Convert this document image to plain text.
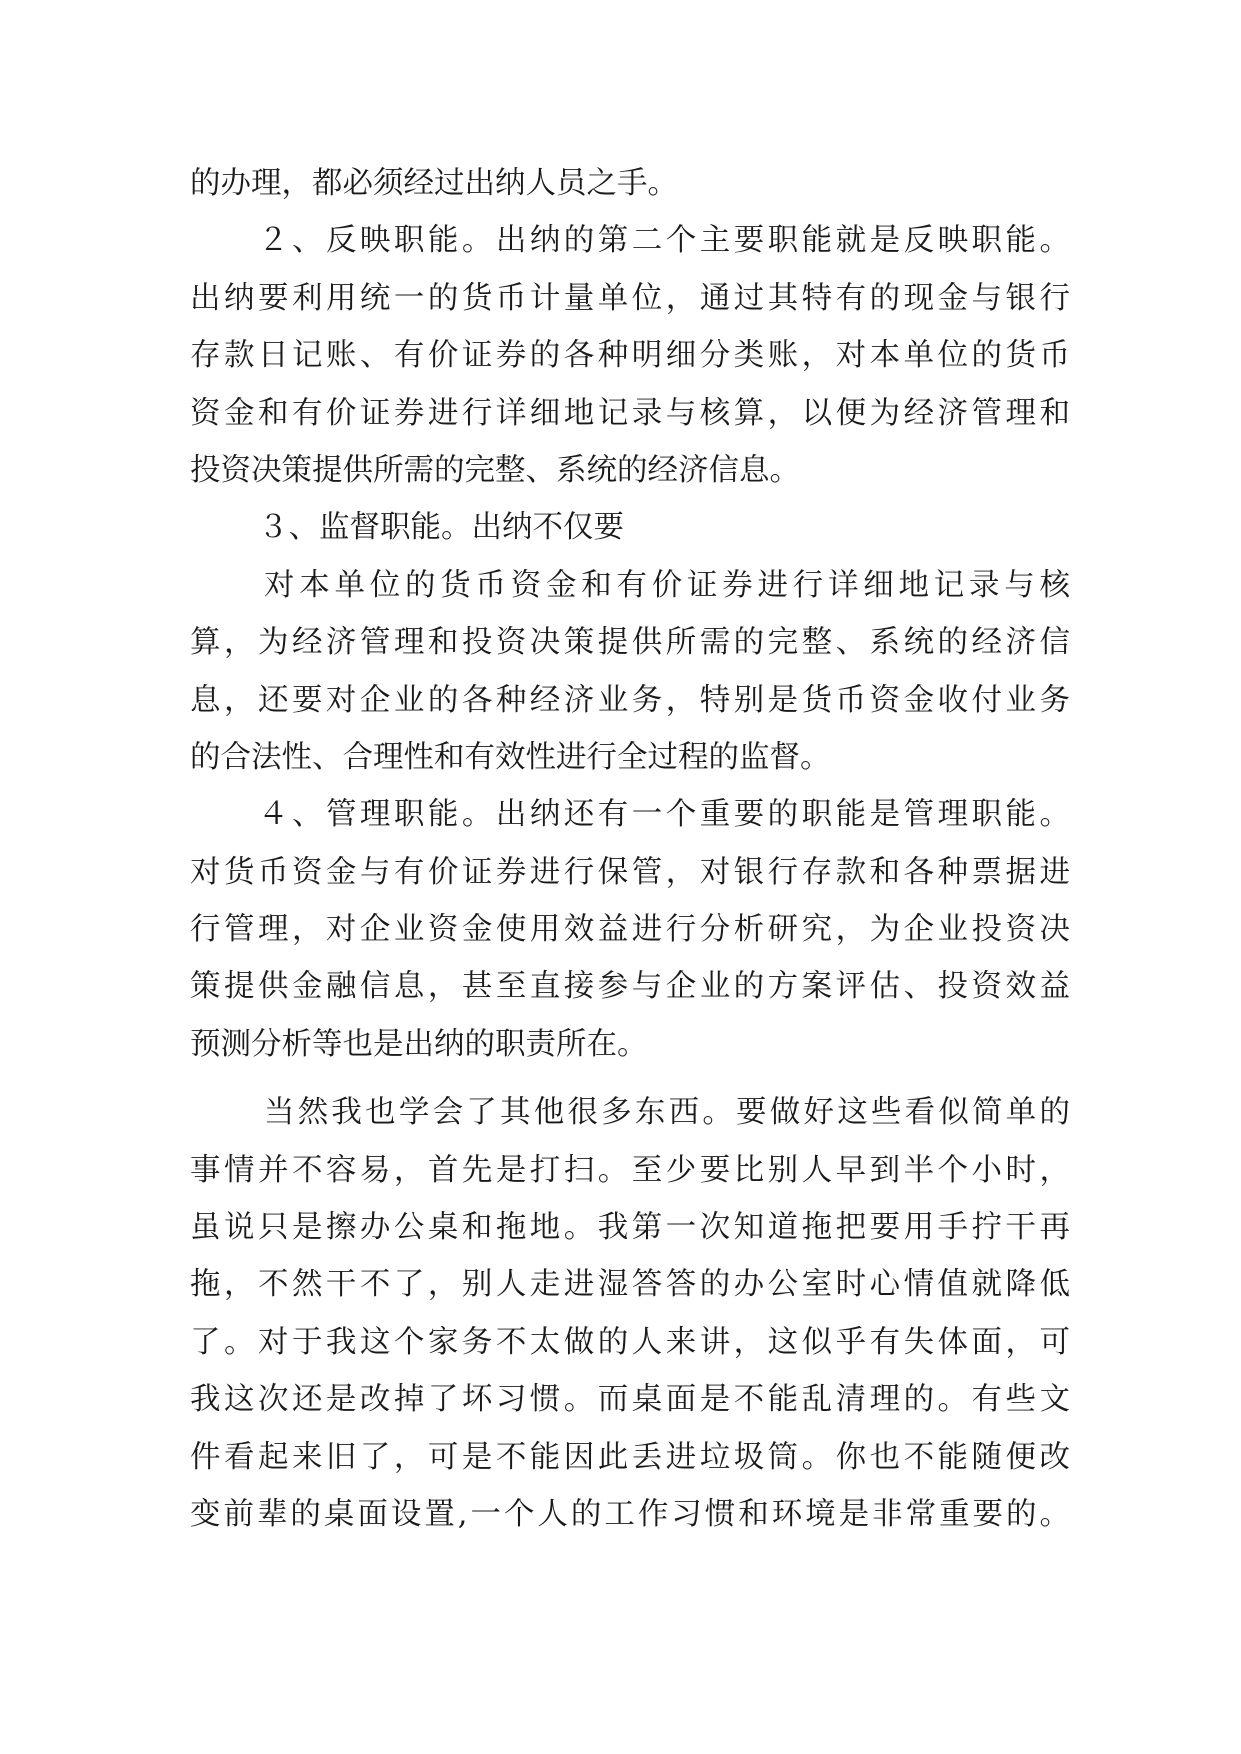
的办理，都必须经过出纳人员之手。
２、反映职能。出纳的第二个主要职能就是反映职能。
出纳要利用统一的货币计量单位，通过其特有的现金与银行
存款日记账、有价证券的各种明细分类账，对本单位的货币
资金和有价证券进行详细地记录与核算，以便为经济管理和
投资决策提供所需的完整、系统的经济信息。
３、监督职能。出纳不仅要
对本单位的货币资金和有价证券进行详细地记录与核
算，为经济管理和投资决策提供所需的完整、系统的经济信
息，还要对企业的各种经济业务，特别是货币资金收付业务
的合法性、合理性和有效性进行全过程的监督。
４、管理职能。出纳还有一个重要的职能是管理职能。
对货币资金与有价证券进行保管，对银行存款和各种票据进
行管理，对企业资金使用效益进行分析研究，为企业投资决
策提供金融信息，甚至直接参与企业的方案评估、投资效益
预测分析等也是出纳的职责所在。
当然我也学会了其他很多东西。要做好这些看似简单的
事情并不容易，首先是打扫。至少要比别人早到半个小时，
虽说只是擦办公桌和拖地。我第一次知道拖把要用手拧干再
拖，不然干不了，别人走进湿答答的办公室时心情值就降低
了。对于我这个家务不太做的人来讲，这似乎有失体面，可
我这次还是改掉了坏习惯。而桌面是不能乱清理的。有些文
件看起来旧了，可是不能因此丢进垃圾筒。你也不能随便改
变前辈的桌面设置,一个人的工作习惯和环境是非常重要的。
